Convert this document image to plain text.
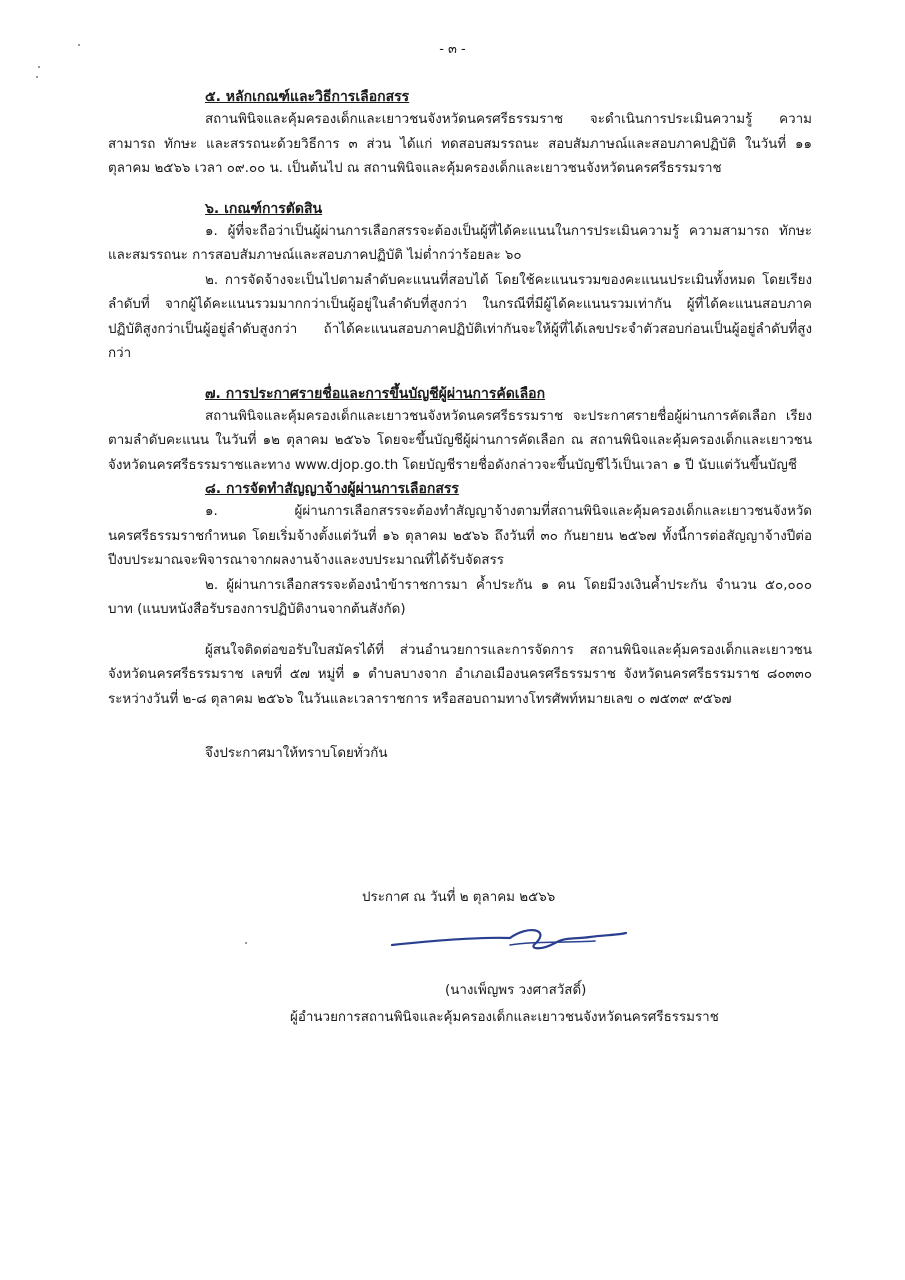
- ๓ -
๕. หลักเกณฑ์และวิธีการเลือกสรร

สถานพินิจและคุ้มครองเด็กและเยาวชนจังหวัดนครศรีธรรมราช จะดำเนินการประเมินความรู้ ความสามารถ ทักษะ และสรรถนะด้วยวิธีการ ๓ ส่วน ได้แก่ ทดสอบสมรรถนะ สอบสัมภาษณ์และสอบภาคปฏิบัติ ในวันที่ ๑๑ ตุลาคม ๒๕๖๖ เวลา ๐๙.๐๐ น. เป็นต้นไป ณ สถานพินิจและคุ้มครองเด็กและเยาวชนจังหวัดนครศรีธรรมราช

๖. เกณฑ์การตัดสิน

๑. ผู้ที่จะถือว่าเป็นผู้ผ่านการเลือกสรรจะต้องเป็นผู้ที่ได้คะแนนในการประเมินความรู้ ความสามารถ ทักษะและสมรรถนะ การสอบสัมภาษณ์และสอบภาคปฏิบัติ ไม่ต่ำกว่าร้อยละ ๖๐

๒. การจัดจ้างจะเป็นไปตามลำดับคะแนนที่สอบได้ โดยใช้คะแนนรวมของคะแนนประเมินทั้งหมด โดยเรียงลำดับที่ จากผู้ได้คะแนนรวมมากกว่าเป็นผู้อยู่ในลำดับที่สูงกว่า ในกรณีที่มีผู้ได้คะแนนรวมเท่ากัน ผู้ที่ได้คะแนนสอบภาคปฏิบัติสูงกว่าเป็นผู้อยู่ลำดับสูงกว่า ถ้าได้คะแนนสอบภาคปฏิบัติเท่ากันจะให้ผู้ที่ได้เลขประจำตัวสอบก่อนเป็นผู้อยู่ลำดับที่สูงกว่า

๗. การประกาศรายชื่อและการขึ้นบัญชีผู้ผ่านการคัดเลือก

สถานพินิจและคุ้มครองเด็กและเยาวชนจังหวัดนครศรีธรรมราช จะประกาศรายชื่อผู้ผ่านการคัดเลือก เรียงตามลำดับคะแนน ในวันที่ ๑๒ ตุลาคม ๒๕๖๖ โดยจะขึ้นบัญชีผู้ผ่านการคัดเลือก ณ สถานพินิจและคุ้มครองเด็กและเยาวชนจังหวัดนครศรีธรรมราชและทาง www.djop.go.th โดยบัญชีรายชื่อดังกล่าวจะขึ้นบัญชีไว้เป็นเวลา ๑ ปี นับแต่วันขึ้นบัญชี

๘. การจัดทำสัญญาจ้างผู้ผ่านการเลือกสรร

๑. ผู้ผ่านการเลือกสรรจะต้องทำสัญญาจ้างตามที่สถานพินิจและคุ้มครองเด็กและเยาวชนจังหวัดนครศรีธรรมราชกำหนด โดยเริ่มจ้างตั้งแต่วันที่ ๑๖ ตุลาคม ๒๕๖๖ ถึงวันที่ ๓๐ กันยายน ๒๕๖๗ ทั้งนี้การต่อสัญญาจ้างปีต่อปีงบประมาณจะพิจารณาจากผลงานจ้างและงบประมาณที่ได้รับจัดสรร

๒. ผู้ผ่านการเลือกสรรจะต้องนำข้าราชการมา ค้ำประกัน ๑ คน โดยมีวงเงินค้ำประกัน จำนวน ๕๐,๐๐๐ บาท (แนบหนังสือรับรองการปฏิบัติงานจากต้นสังกัด)

ผู้สนใจติดต่อขอรับใบสมัครได้ที่ ส่วนอำนวยการและการจัดการ สถานพินิจและคุ้มครองเด็กและเยาวชนจังหวัดนครศรีธรรมราช เลขที่ ๕๗ หมู่ที่ ๑ ตำบลบางจาก อำเภอเมืองนครศรีธรรมราช จังหวัดนครศรีธรรมราช ๘๐๓๓๐ ระหว่างวันที่ ๒-๘ ตุลาคม ๒๕๖๖ ในวันและเวลาราชการ หรือสอบถามทางโทรศัพท์หมายเลข ๐ ๗๕๓๙ ๙๕๖๗

จึงประกาศมาให้ทราบโดยทั่วกัน
ประกาศ ณ วันที่ ๒ ตุลาคม ๒๕๖๖
(นางเพ็ญพร วงศาสวัสดิ์)
ผู้อำนวยการสถานพินิจและคุ้มครองเด็กและเยาวชนจังหวัดนครศรีธรรมราช
